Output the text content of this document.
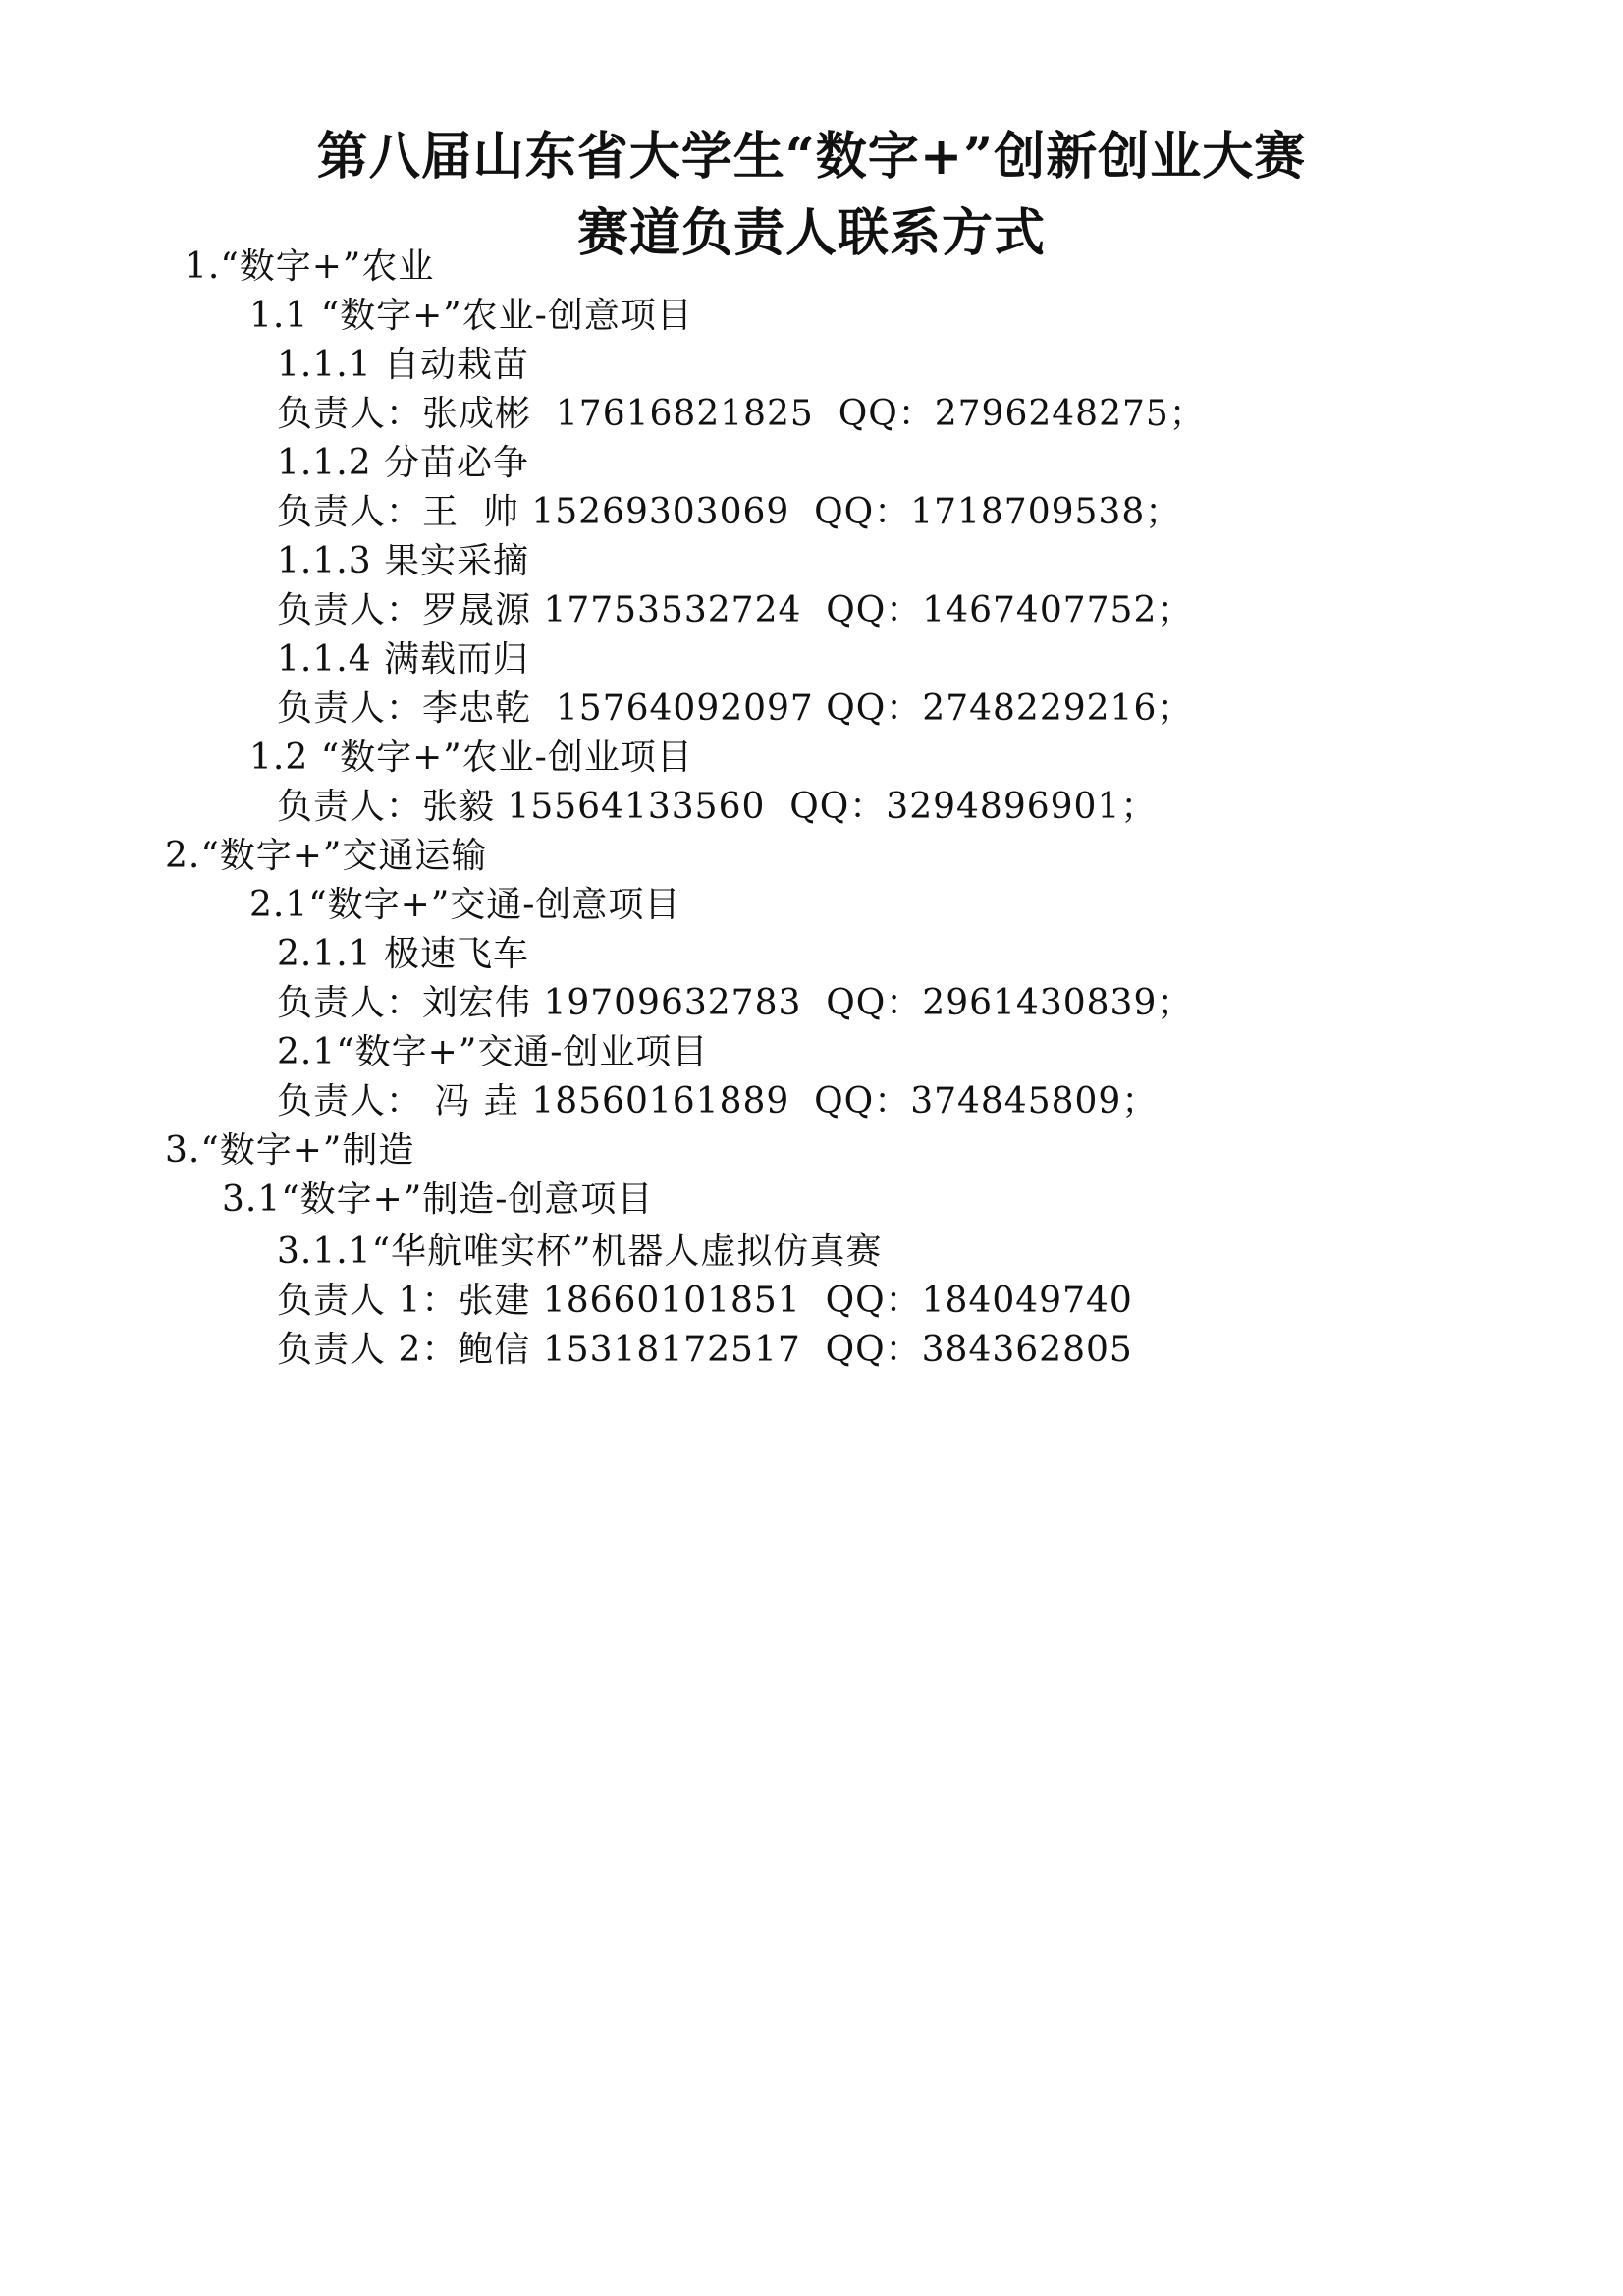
第八届山东省大学生“数字+”创新创业大赛
赛道负责人联系方式
1.“数字+”农业
1.1 “数字+”农业-创意项目
1.1.1 自动栽苗
负责人：张成彬  17616821825  QQ：2796248275；
1.1.2 分苗必争
负责人：王  帅 15269303069  QQ：1718709538；
1.1.3 果实采摘
负责人：罗晟源 17753532724  QQ：1467407752；
1.1.4 满载而归
负责人：李忠乾  15764092097 QQ：2748229216；
1.2 “数字+”农业-创业项目
负责人：张毅 15564133560  QQ：3294896901；
2.“数字+”交通运输
2.1“数字+”交通-创意项目
2.1.1 极速飞车
负责人：刘宏伟 19709632783  QQ：2961430839；
2.1“数字+”交通-创业项目
负责人： 冯 垚 18560161889  QQ：374845809；
3.“数字+”制造
3.1“数字+”制造-创意项目
3.1.1“华航唯实杯”机器人虚拟仿真赛
负责人 1：张建 18660101851  QQ：184049740
负责人 2：鲍信 15318172517  QQ：384362805
